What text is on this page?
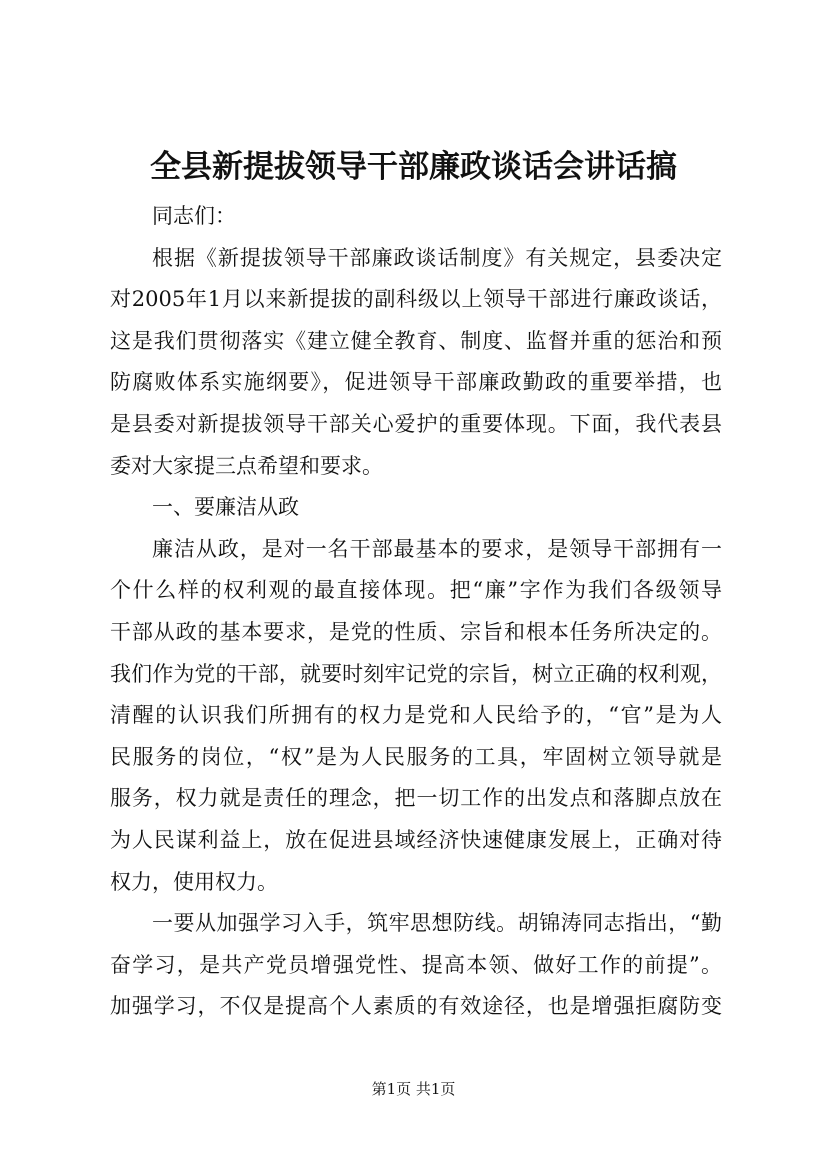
全县新提拔领导干部廉政谈话会讲话搞
同志们：
根据《新提拔领导干部廉政谈话制度》有关规定，县委决定
对2005年1月以来新提拔的副科级以上领导干部进行廉政谈话，
这是我们贯彻落实《建立健全教育、制度、监督并重的惩治和预
防腐败体系实施纲要》，促进领导干部廉政勤政的重要举措，也
是县委对新提拔领导干部关心爱护的重要体现。下面，我代表县
委对大家提三点希望和要求。
一、要廉洁从政
廉洁从政，是对一名干部最基本的要求，是领导干部拥有一
个什么样的权利观的最直接体现。把“廉”字作为我们各级领导
干部从政的基本要求，是党的性质、宗旨和根本任务所决定的。
我们作为党的干部，就要时刻牢记党的宗旨，树立正确的权利观，
清醒的认识我们所拥有的权力是党和人民给予的，“官”是为人
民服务的岗位，“权”是为人民服务的工具，牢固树立领导就是
服务，权力就是责任的理念，把一切工作的出发点和落脚点放在
为人民谋利益上，放在促进县域经济快速健康发展上，正确对待
权力，使用权力。
一要从加强学习入手，筑牢思想防线。胡锦涛同志指出，“勤
奋学习，是共产党员增强党性、提高本领、做好工作的前提”。
加强学习，不仅是提高个人素质的有效途径，也是增强拒腐防变
第1页 共1页
